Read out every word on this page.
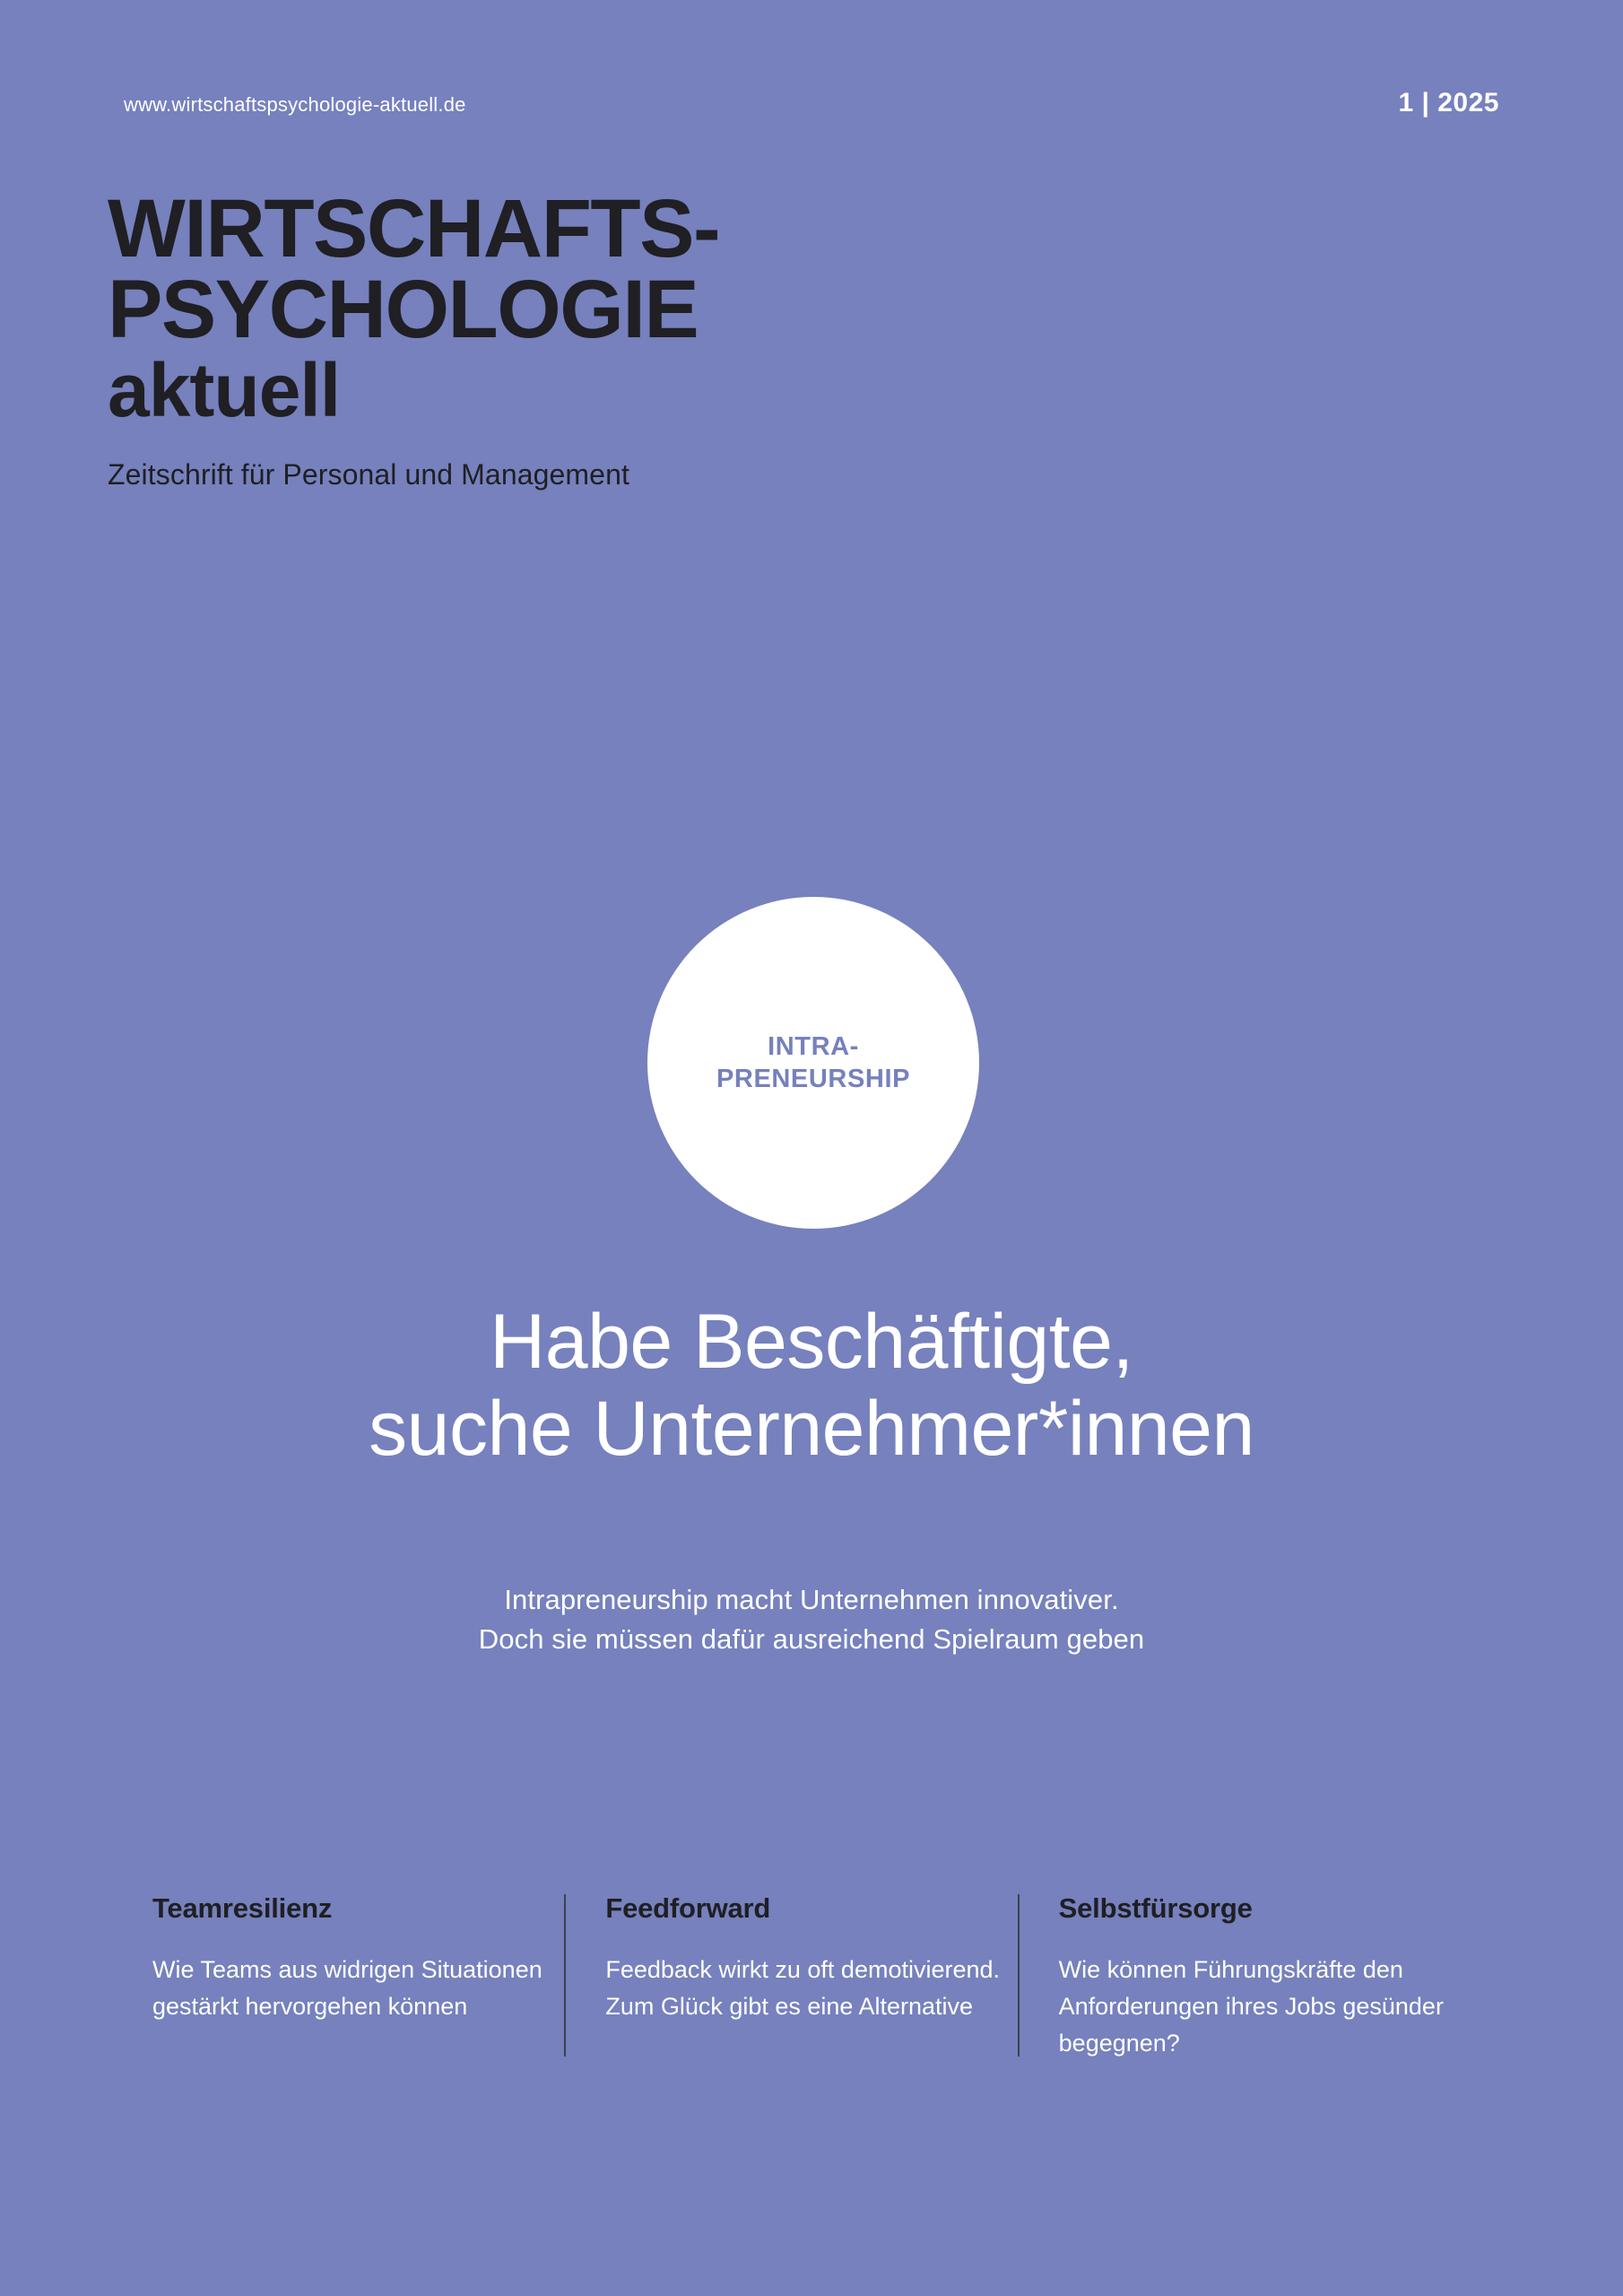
www.wirtschaftspsychologie-aktuell.de	1 | 2025
WIRTSCHAFTS-
PSYCHOLOGIE
aktuell
Zeitschrift für Personal und Management
INTRA-
PRENEURSHIP
Habe Beschäftigte,
suche Unternehmer*innen
Intrapreneurship macht Unternehmen innovativer.
Doch sie müssen dafür ausreichend Spielraum geben
Teamresilienz
Wie Teams aus widrigen Situationen gestärkt hervorgehen können
Feedforward
Feedback wirkt zu oft demotivierend. Zum Glück gibt es eine Alternative
Selbstfürsorge
Wie können Führungskräfte den Anforderungen ihres Jobs gesünder begegnen?
